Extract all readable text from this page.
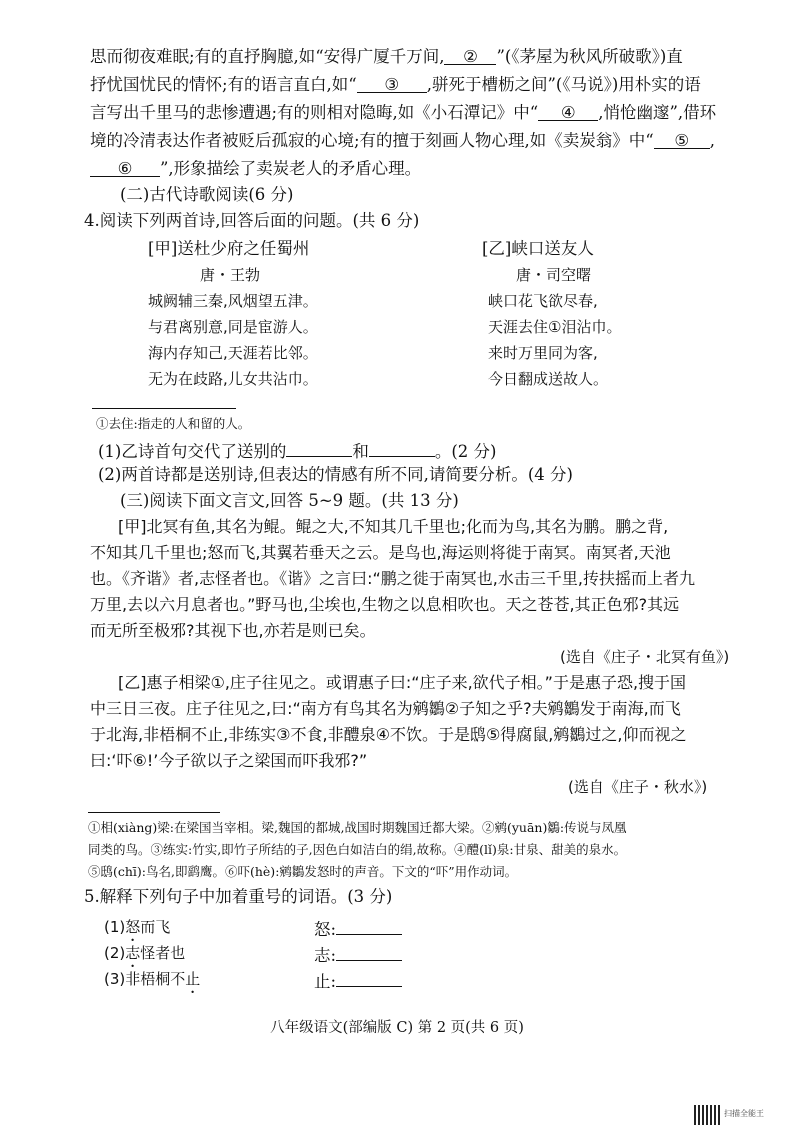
思而彻夜难眠;有的直抒胸臆,如“安得广厦千万间, ② ”(《茅屋为秋风所破歌》)直
抒忧国忧民的情怀;有的语言直白,如“ ③ ,骈死于槽枥之间”(《马说》)用朴实的语
言写出千里马的悲惨遭遇;有的则相对隐晦,如《小石潭记》中“ ④ ,悄怆幽邃”,借环
境的冷清表达作者被贬后孤寂的心境;有的擅于刻画人物心理,如《卖炭翁》中“ ⑤ ,
⑥ ”,形象描绘了卖炭老人的矛盾心理。
(二)古代诗歌阅读(6 分)
4.阅读下列两首诗,回答后面的问题。(共 6 分)
[甲]送杜少府之任蜀州
唐・王勃
城阙辅三秦,风烟望五津。
与君离别意,同是宦游人。
海内存知己,天涯若比邻。
无为在歧路,儿女共沾巾。
[乙]峡口送友人
唐・司空曙
峡口花飞欲尽春,
天涯去住①泪沾巾。
来时万里同为客,
今日翻成送故人。
①去住:指走的人和留的人。
(1)乙诗首句交代了送别的	和	。(2 分)
(2)两首诗都是送别诗,但表达的情感有所不同,请简要分析。(4 分)
(三)阅读下面文言文,回答 5~9 题。(共 13 分)
[甲]北冥有鱼,其名为鲲。鲲之大,不知其几千里也;化而为鸟,其名为鹏。鹏之背,
不知其几千里也;怒而飞,其翼若垂天之云。是鸟也,海运则将徙于南冥。南冥者,天池
也。《齐谐》者,志怪者也。《谐》之言曰:“鹏之徙于南冥也,水击三千里,抟扶摇而上者九
万里,去以六月息者也。”野马也,尘埃也,生物之以息相吹也。天之苍苍,其正色邪?其远
而无所至极邪?其视下也,亦若是则已矣。
(选自《庄子・北冥有鱼》)
[乙]惠子相梁①,庄子往见之。或谓惠子曰:“庄子来,欲代子相。”于是惠子恐,搜于国
中三日三夜。庄子往见之,曰:“南方有鸟其名为鹓鶵②子知之乎?夫鹓鶵发于南海,而飞
于北海,非梧桐不止,非练实③不食,非醴泉④不饮。于是鸱⑤得腐鼠,鹓鶵过之,仰而视之
曰:‘吓⑥!’今子欲以子之梁国而吓我邪?”
(选自《庄子・秋水》)
①相(xiàng)梁:在梁国当宰相。梁,魏国的都城,战国时期魏国迁都大梁。②鹓(yuān)鶵:传说与凤凰
同类的鸟。③练实:竹实,即竹子所结的子,因色白如洁白的绢,故称。④醴(lǐ)泉:甘泉、甜美的泉水。
⑤鸱(chī):鸟名,即鹞鹰。⑥吓(hè):鹓鶵发怒时的声音。下文的“吓”用作动词。
5.解释下列句子中加着重号的词语。(3 分)
(1)怒而飞	怒:
(2)志怪者也	志:
(3)非梧桐不止	止:
八年级语文(部编版 C) 第 2 页(共 6 页)
扫描全能王
